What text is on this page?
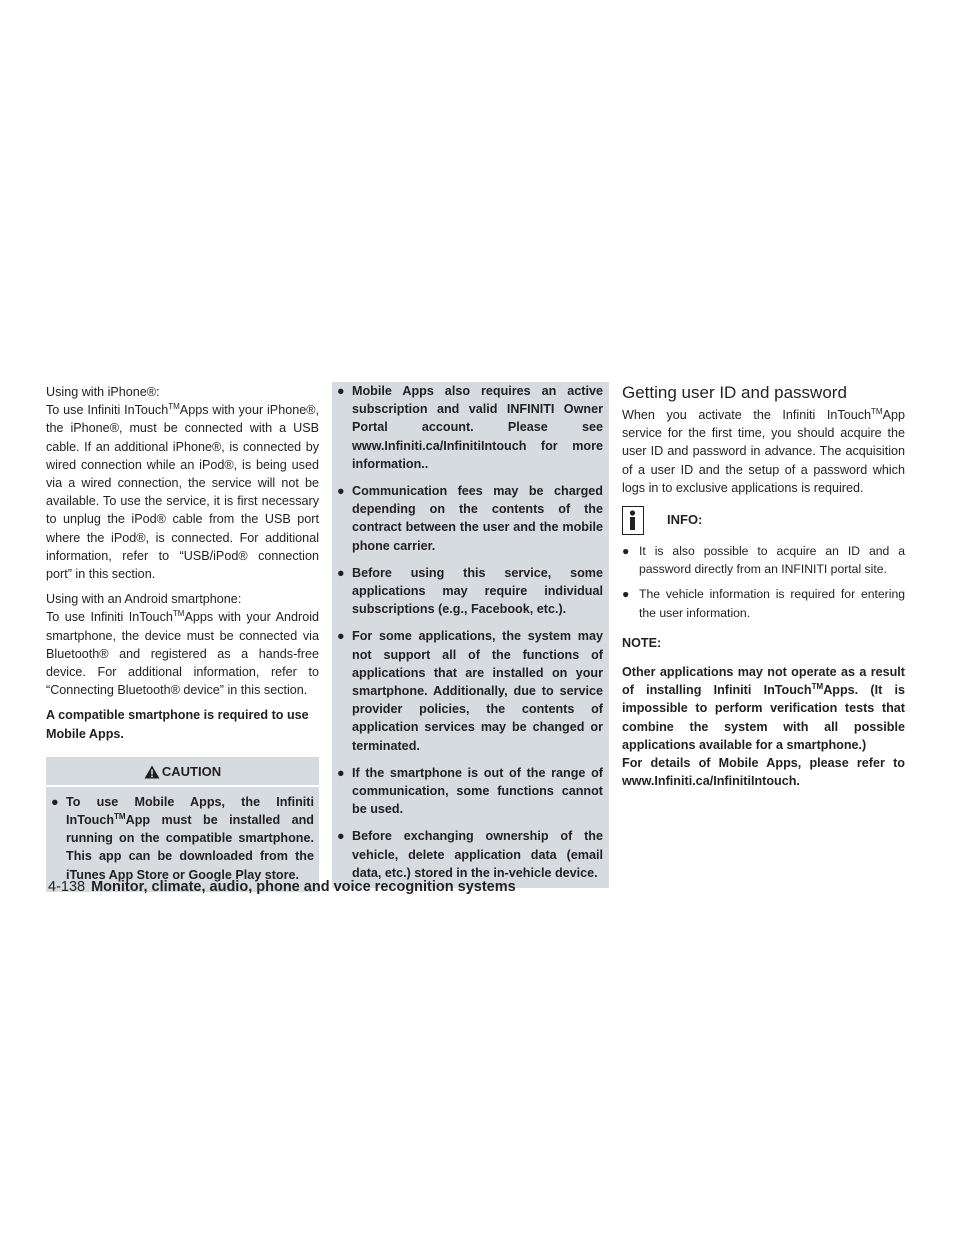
Using with iPhone®:
To use Infiniti InTouch™Apps with your iPhone®, the iPhone®, must be connected with a USB cable. If an additional iPhone®, is connected by wired connection while an iPod®, is being used via a wired connection, the service will not be available. To use the service, it is first necessary to unplug the iPod® cable from the USB port where the iPod®, is connected. For additional information, refer to “USB/iPod® connection port” in this section.

Using with an Android smartphone:
To use Infiniti InTouch™Apps with your Android smartphone, the device must be connected via Bluetooth® and registered as a hands-free device. For additional information, refer to “Connecting Bluetooth® device” in this section.

A compatible smartphone is required to use Mobile Apps.

CAUTION
● To use Mobile Apps, the Infiniti InTouch™App must be installed and running on the compatible smartphone. This app can be downloaded from the iTunes App Store or Google Play store.
● Mobile Apps also requires an active subscription and valid INFINITI Owner Portal account. Please see www.Infiniti.ca/InfinitiIntouch for more information..
● Communication fees may be charged depending on the contents of the contract between the user and the mobile phone carrier.
● Before using this service, some applications may require individual subscriptions (e.g., Facebook, etc.).
● For some applications, the system may not support all of the functions of applications that are installed on your smartphone. Additionally, due to service provider policies, the contents of application services may be changed or terminated.
● If the smartphone is out of the range of communication, some functions cannot be used.
● Before exchanging ownership of the vehicle, delete application data (email data, etc.) stored in the in-vehicle device.
Getting user ID and password

When you activate the Infiniti InTouch™App service for the first time, you should acquire the user ID and password in advance. The acquisition of a user ID and the setup of a password which logs in to exclusive applications is required.

INFO:
● It is also possible to acquire an ID and a password directly from an INFINITI portal site.
● The vehicle information is required for entering the user information.

NOTE:

Other applications may not operate as a result of installing Infiniti InTouch™Apps. (It is impossible to perform verification tests that combine the system with all possible applications available for a smartphone.)
For details of Mobile Apps, please refer to www.Infiniti.ca/InfinitiIntouch.

4-138 Monitor, climate, audio, phone and voice recognition systems
